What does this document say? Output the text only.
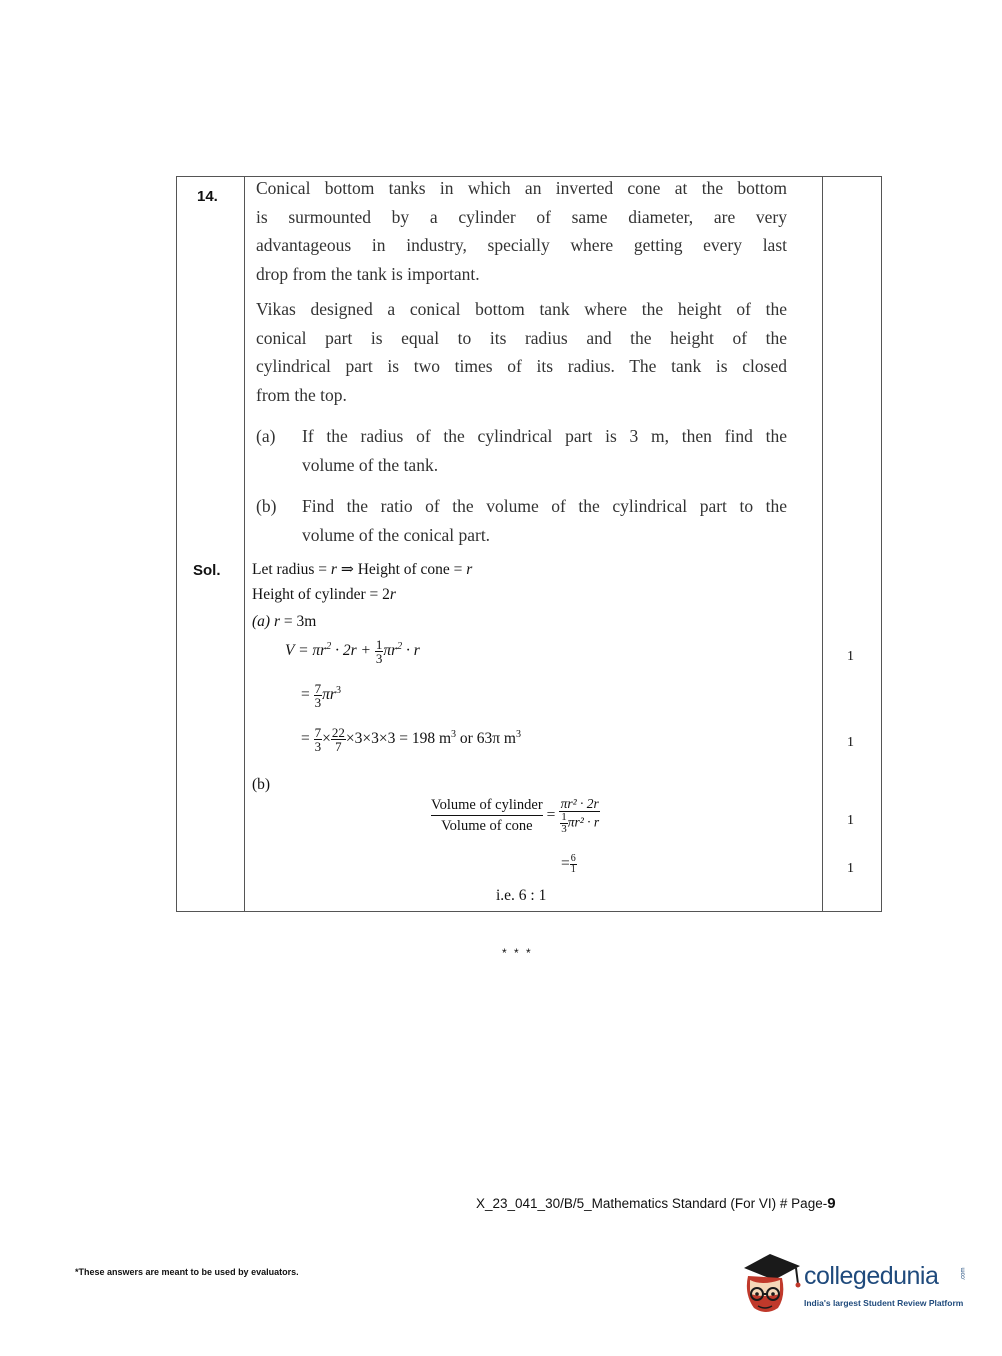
14. Conical bottom tanks in which an inverted cone at the bottom
is surmounted by a cylinder of same diameter, are very
advantageous in industry, specially where getting every last
drop from the tank is important.
Vikas designed a conical bottom tank where the height of the
conical part is equal to its radius and the height of the
cylindrical part is two times of its radius. The tank is closed
from the top.
(a) If the radius of the cylindrical part is 3 m, then find the
volume of the tank.
(b) Find the ratio of the volume of the cylindrical part to the
volume of the conical part.
Sol. Let radius = r ⇒ Height of cone = r
Height of cylinder = 2r
(a) r = 3m
$V = \pi r^2 \cdot 2r + \frac{1}{3} \pi r^2 \cdot r$
= $\frac{7}{3} \pi r^3$
= $\frac{7}{3} \times \frac{22}{7} \times 3\times 3\times 3 = 198$ $m^3$ or 63π $m^3$
(b)
$\frac{\text{Volume of cylinder}}{\text{Volume of cone}} = \frac{\text{πr² · 2r}}{\frac{1}{3} \pi r^2 \cdot r}$
= $\frac{6}{1}$
i.e. 6 : 1
1
1
1
1
* * *
X_23_041_30/B/5_Mathematics Standard (For VI) # Page-9
*These answers are meant to be used by evaluators.	collegedunia	.com
India's largest Student Review Platform
